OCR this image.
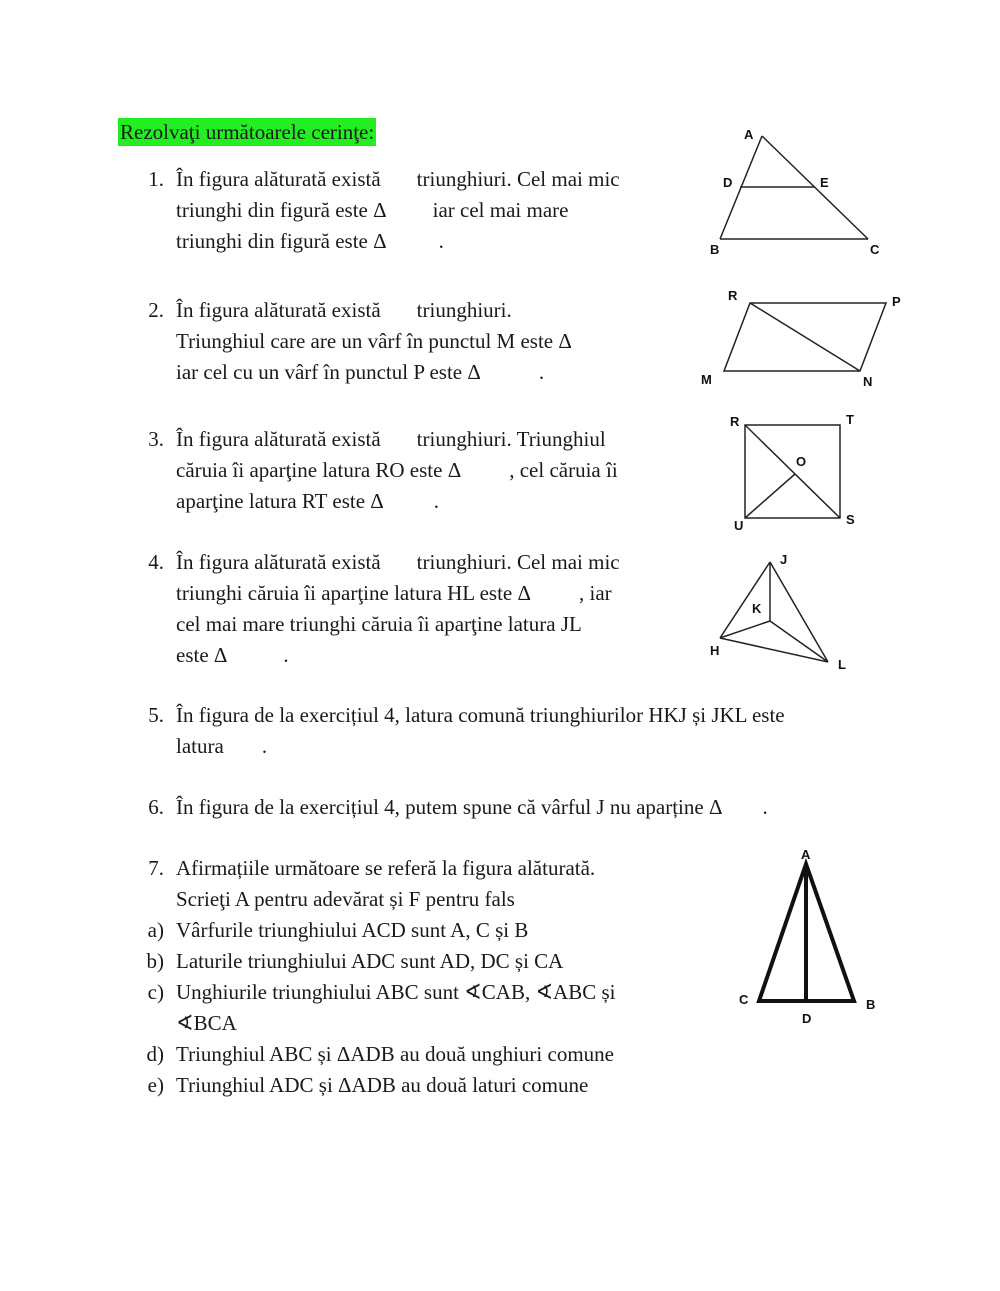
Rezolvaţi următoarele cerinţe:
1. În figura alăturată există triunghiuri. Cel mai mic
triunghi din figură este Δ iar cel mai mare
triunghi din figură este Δ .
A
D	E
B	C
2. În figura alăturată există triunghiuri.
Triunghiul care are un vârf în punctul M este Δ
iar cel cu un vârf în punctul P este Δ	.
R	P
M	N
3. În figura alăturată există triunghiuri. Triunghiul
căruia îi aparţine latura RO este Δ , cel căruia îi
aparţine latura RT este Δ .
R	T
O
U	S
4. În figura alăturată există triunghiuri. Cel mai mic
triunghi căruia îi aparţine latura HL este Δ , iar
cel mai mare triunghi căruia îi aparţine latura JL
este Δ	.
J
K
H
L
5. În figura de la exercițiul 4, latura comună triunghiurilor HKJ și JKL este
latura .
6. În figura de la exercițiul 4, putem spune că vârful J nu aparține Δ .
7. Afirmațiile următoare se referă la figura alăturată.
Scrieţi A pentru adevărat și F pentru fals
a) Vârfurile triunghiului ACD sunt A, C și B
b) Laturile triunghiului ADC sunt AD, DC și CA
c) Unghiurile triunghiului ABC sunt ∢CAB, ∢ABC și
∢BCA
d) Triunghiul ABC și ΔADB au două unghiuri comune
e) Triunghiul ADC și ΔADB au două laturi comune
A
C
D
B
